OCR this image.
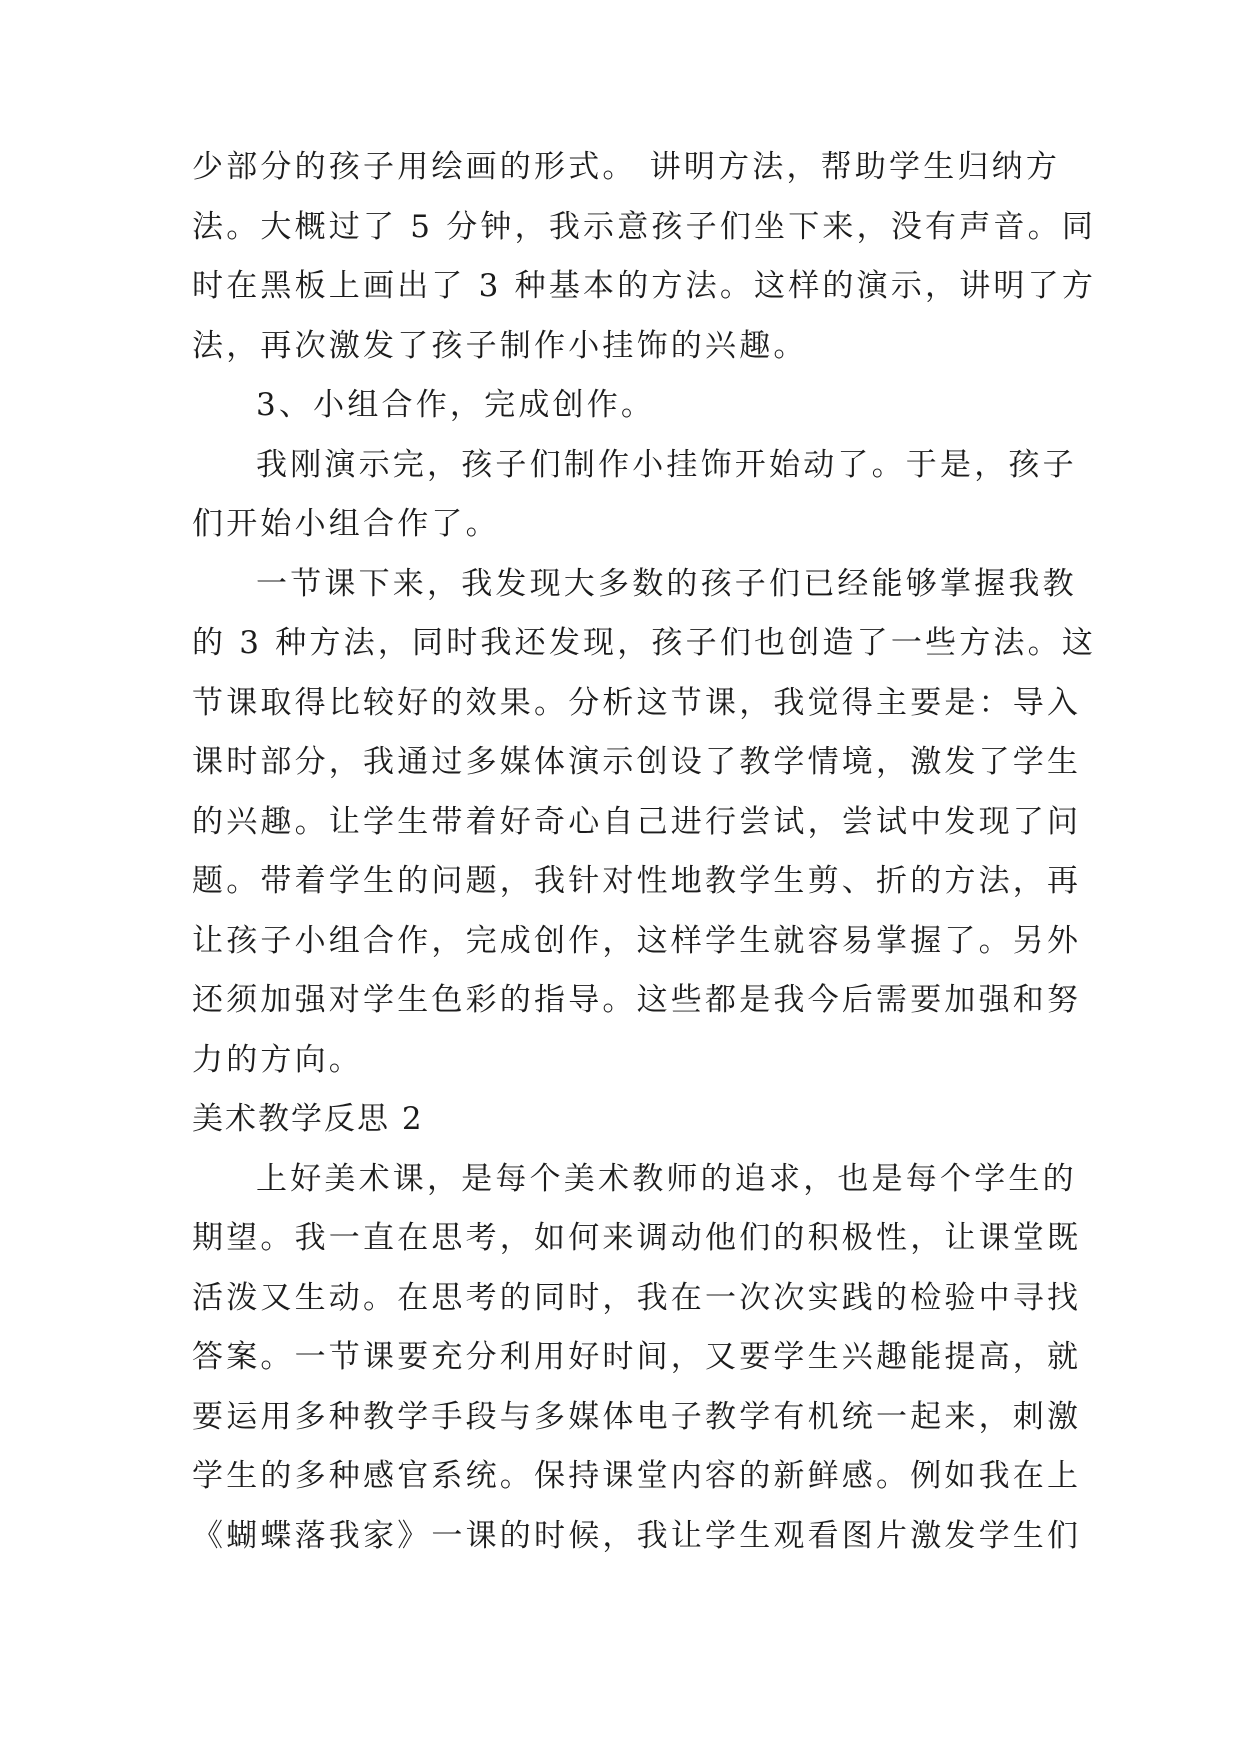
少部分的孩子用绘画的形式。 讲明方法，帮助学生归纳方
法。大概过了 5 分钟，我示意孩子们坐下来，没有声音。同
时在黑板上画出了 3 种基本的方法。这样的演示，讲明了方
法，再次激发了孩子制作小挂饰的兴趣。
3、小组合作，完成创作。
我刚演示完，孩子们制作小挂饰开始动了。于是，孩子
们开始小组合作了。
一节课下来，我发现大多数的孩子们已经能够掌握我教
的 3 种方法，同时我还发现，孩子们也创造了一些方法。这
节课取得比较好的效果。分析这节课，我觉得主要是：导入
课时部分，我通过多媒体演示创设了教学情境，激发了学生
的兴趣。让学生带着好奇心自己进行尝试，尝试中发现了问
题。带着学生的问题，我针对性地教学生剪、折的方法，再
让孩子小组合作，完成创作，这样学生就容易掌握了。另外
还须加强对学生色彩的指导。这些都是我今后需要加强和努
力的方向。
美术教学反思 2
上好美术课，是每个美术教师的追求，也是每个学生的
期望。我一直在思考，如何来调动他们的积极性，让课堂既
活泼又生动。在思考的同时，我在一次次实践的检验中寻找
答案。一节课要充分利用好时间，又要学生兴趣能提高，就
要运用多种教学手段与多媒体电子教学有机统一起来，刺激
学生的多种感官系统。保持课堂内容的新鲜感。例如我在上
《蝴蝶落我家》一课的时候，我让学生观看图片激发学生们
